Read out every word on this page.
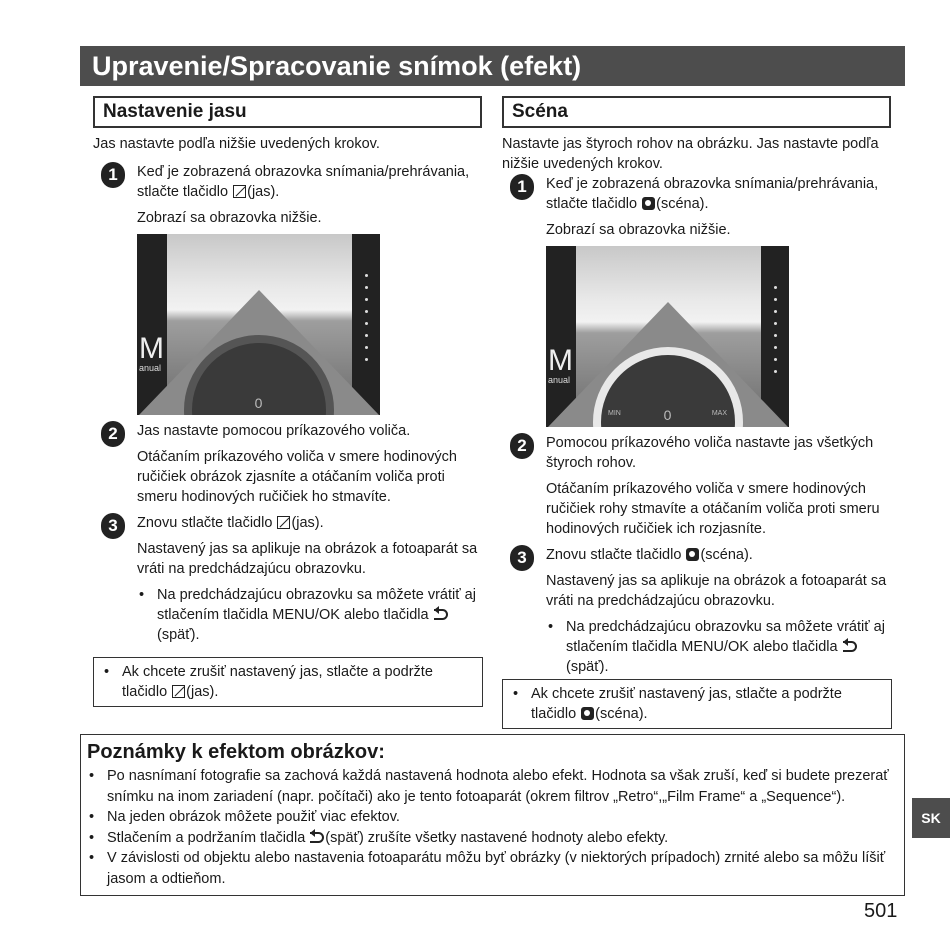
Upravenie/Spracovanie snímok (efekt)
Nastavenie jasu

Jas nastavte podľa nižšie uvedených krokov.

1	Keď je zobrazená obrazovka snímania/prehrávania, stlačte tlačidlo (jas).

Zobrazí sa obrazovka nižšie.

M
anual
0
2	Jas nastavte pomocou príkazového voliča.

Otáčaním príkazového voliča v smere hodinových ručičiek obrázok zjasníte a otáčaním voliča proti smeru hodinových ručičiek ho stmavíte.

3	Znovu stlačte tlačidlo (jas).

Nastavený jas sa aplikuje na obrázok a fotoaparát sa vráti na predchádzajúcu obrazovku.

• Na predchádzajúcu obrazovku sa môžete vrátiť aj stlačením tlačidla MENU/OK alebo tlačidla (späť).

• Ak chcete zrušiť nastavený jas, stlačte a podržte tlačidlo (jas).

Scéna

Nastavte jas štyroch rohov na obrázku. Jas nastavte podľa nižšie uvedených krokov.

1	Keď je zobrazená obrazovka snímania/prehrávania, stlačte tlačidlo (scéna).

Zobrazí sa obrazovka nižšie.

M
anual
0
MIN	MAX
2	Pomocou príkazového voliča nastavte jas všetkých štyroch rohov.

Otáčaním príkazového voliča v smere hodinových ručičiek rohy stmavíte a otáčaním voliča proti smeru hodinových ručičiek ich rozjasníte.

3	Znovu stlačte tlačidlo (scéna).

Nastavený jas sa aplikuje na obrázok a fotoaparát sa vráti na predchádzajúcu obrazovku.

• Na predchádzajúcu obrazovku sa môžete vrátiť aj stlačením tlačidla MENU/OK alebo tlačidla (späť).

• Ak chcete zrušiť nastavený jas, stlačte a podržte tlačidlo (scéna).

Poznámky k efektom obrázkov:
• Po nasnímaní fotografie sa zachová každá nastavená hodnota alebo efekt. Hodnota sa však zruší, keď si budete prezerať snímku na inom zariadení (napr. počítači) ako je tento fotoaparát (okrem filtrov „Retro“,„Film Frame“ a „Sequence“).
• Na jeden obrázok môžete použiť viac efektov.
• Stlačením a podržaním tlačidla (späť) zrušíte všetky nastavené hodnoty alebo efekty.
• V závislosti od objektu alebo nastavenia fotoaparátu môžu byť obrázky (v niektorých prípadoch) zrnité alebo sa môžu líšiť jasom a odtieňom.
SK
501
